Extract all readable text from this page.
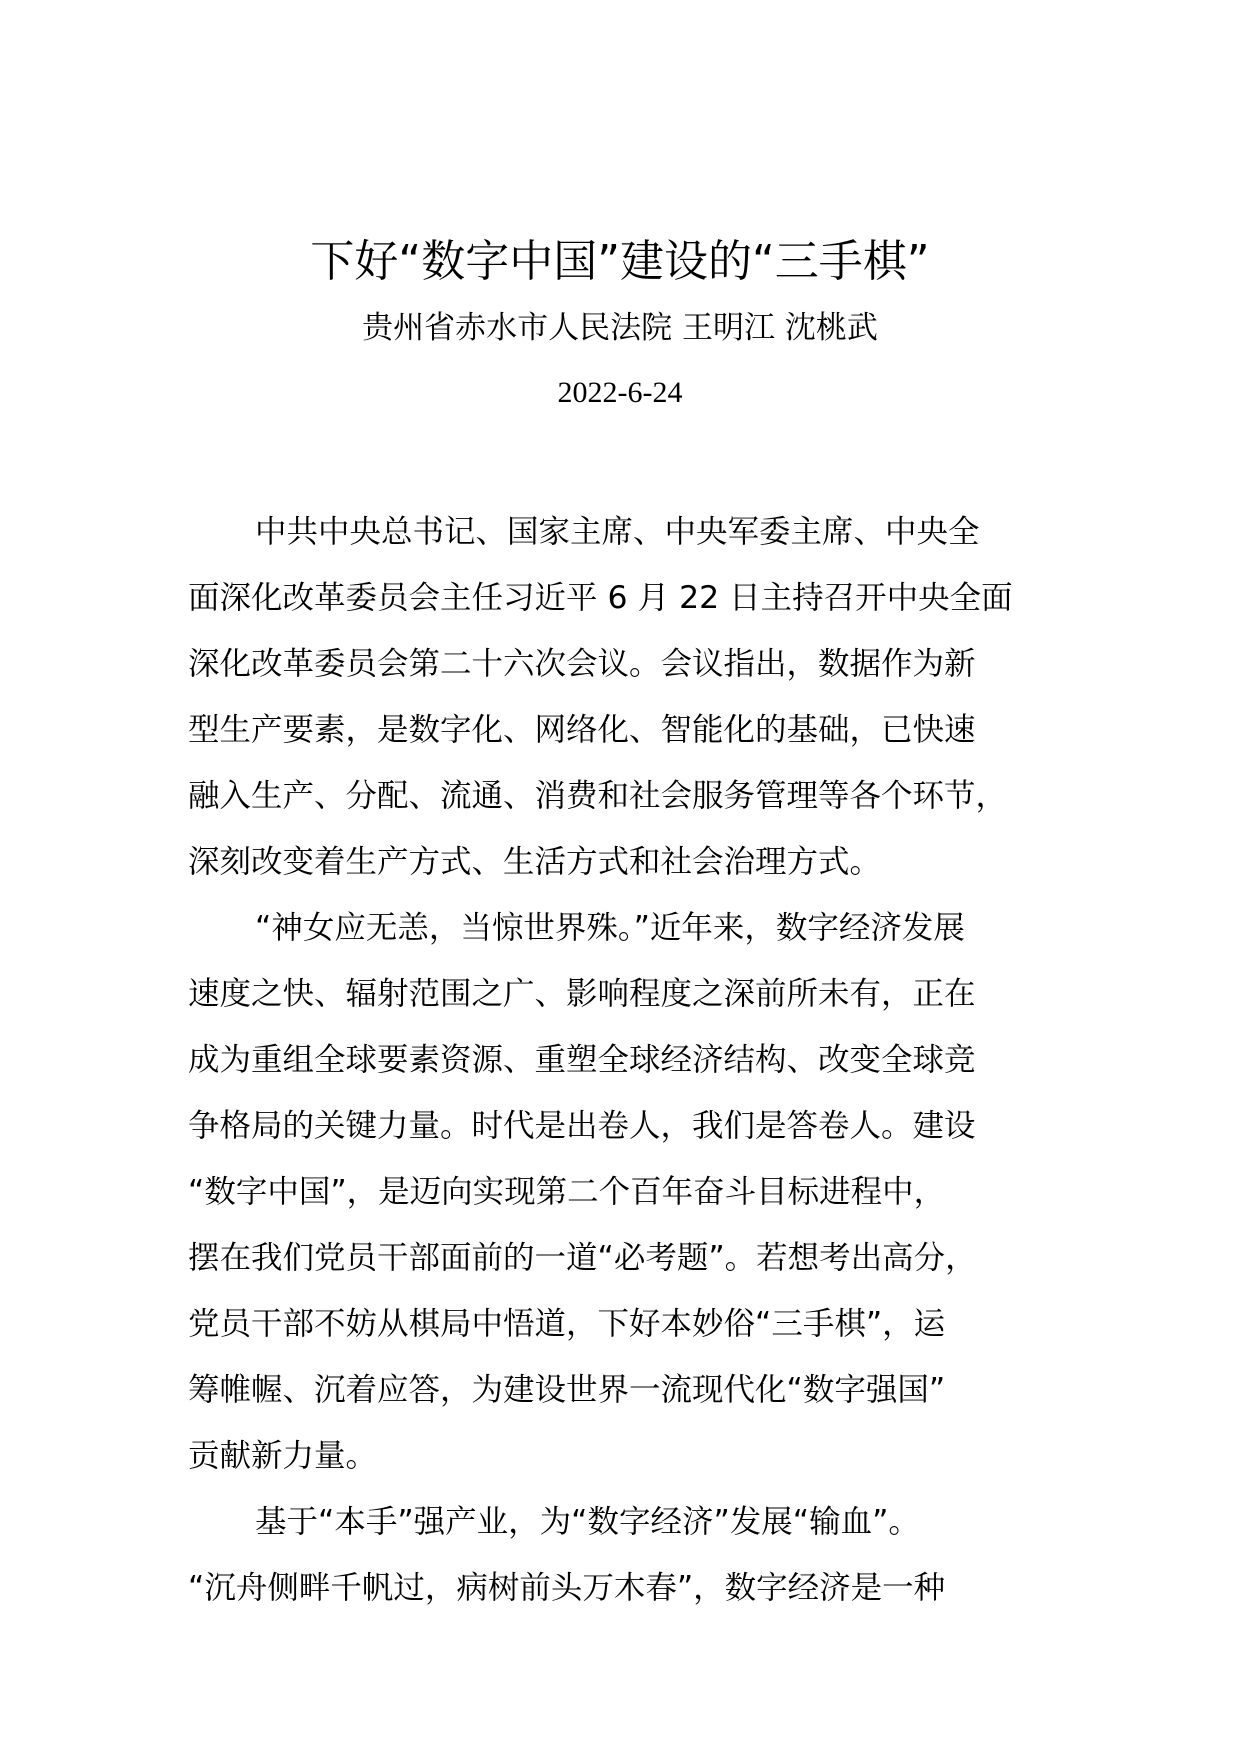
下好“数字中国”建设的“三手棋”

贵州省赤水市人民法院 王明江 沈桃武

2022-6-24

中共中央总书记、国家主席、中央军委主席、中央全
面深化改革委员会主任习近平 6 月 22 日主持召开中央全面
深化改革委员会第二十六次会议。会议指出，数据作为新
型生产要素，是数字化、网络化、智能化的基础，已快速
融入生产、分配、流通、消费和社会服务管理等各个环节，
深刻改变着生产方式、生活方式和社会治理方式。
“神女应无恙，当惊世界殊。”近年来，数字经济发展
速度之快、辐射范围之广、影响程度之深前所未有，正在
成为重组全球要素资源、重塑全球经济结构、改变全球竞
争格局的关键力量。时代是出卷人，我们是答卷人。建设
“数字中国”，是迈向实现第二个百年奋斗目标进程中，
摆在我们党员干部面前的一道“必考题”。若想考出高分，
党员干部不妨从棋局中悟道，下好本妙俗“三手棋”，运
筹帷幄、沉着应答，为建设世界一流现代化“数字强国”
贡献新力量。
基于“本手”强产业，为“数字经济”发展“输血”。
“沉舟侧畔千帆过，病树前头万木春”，数字经济是一种
